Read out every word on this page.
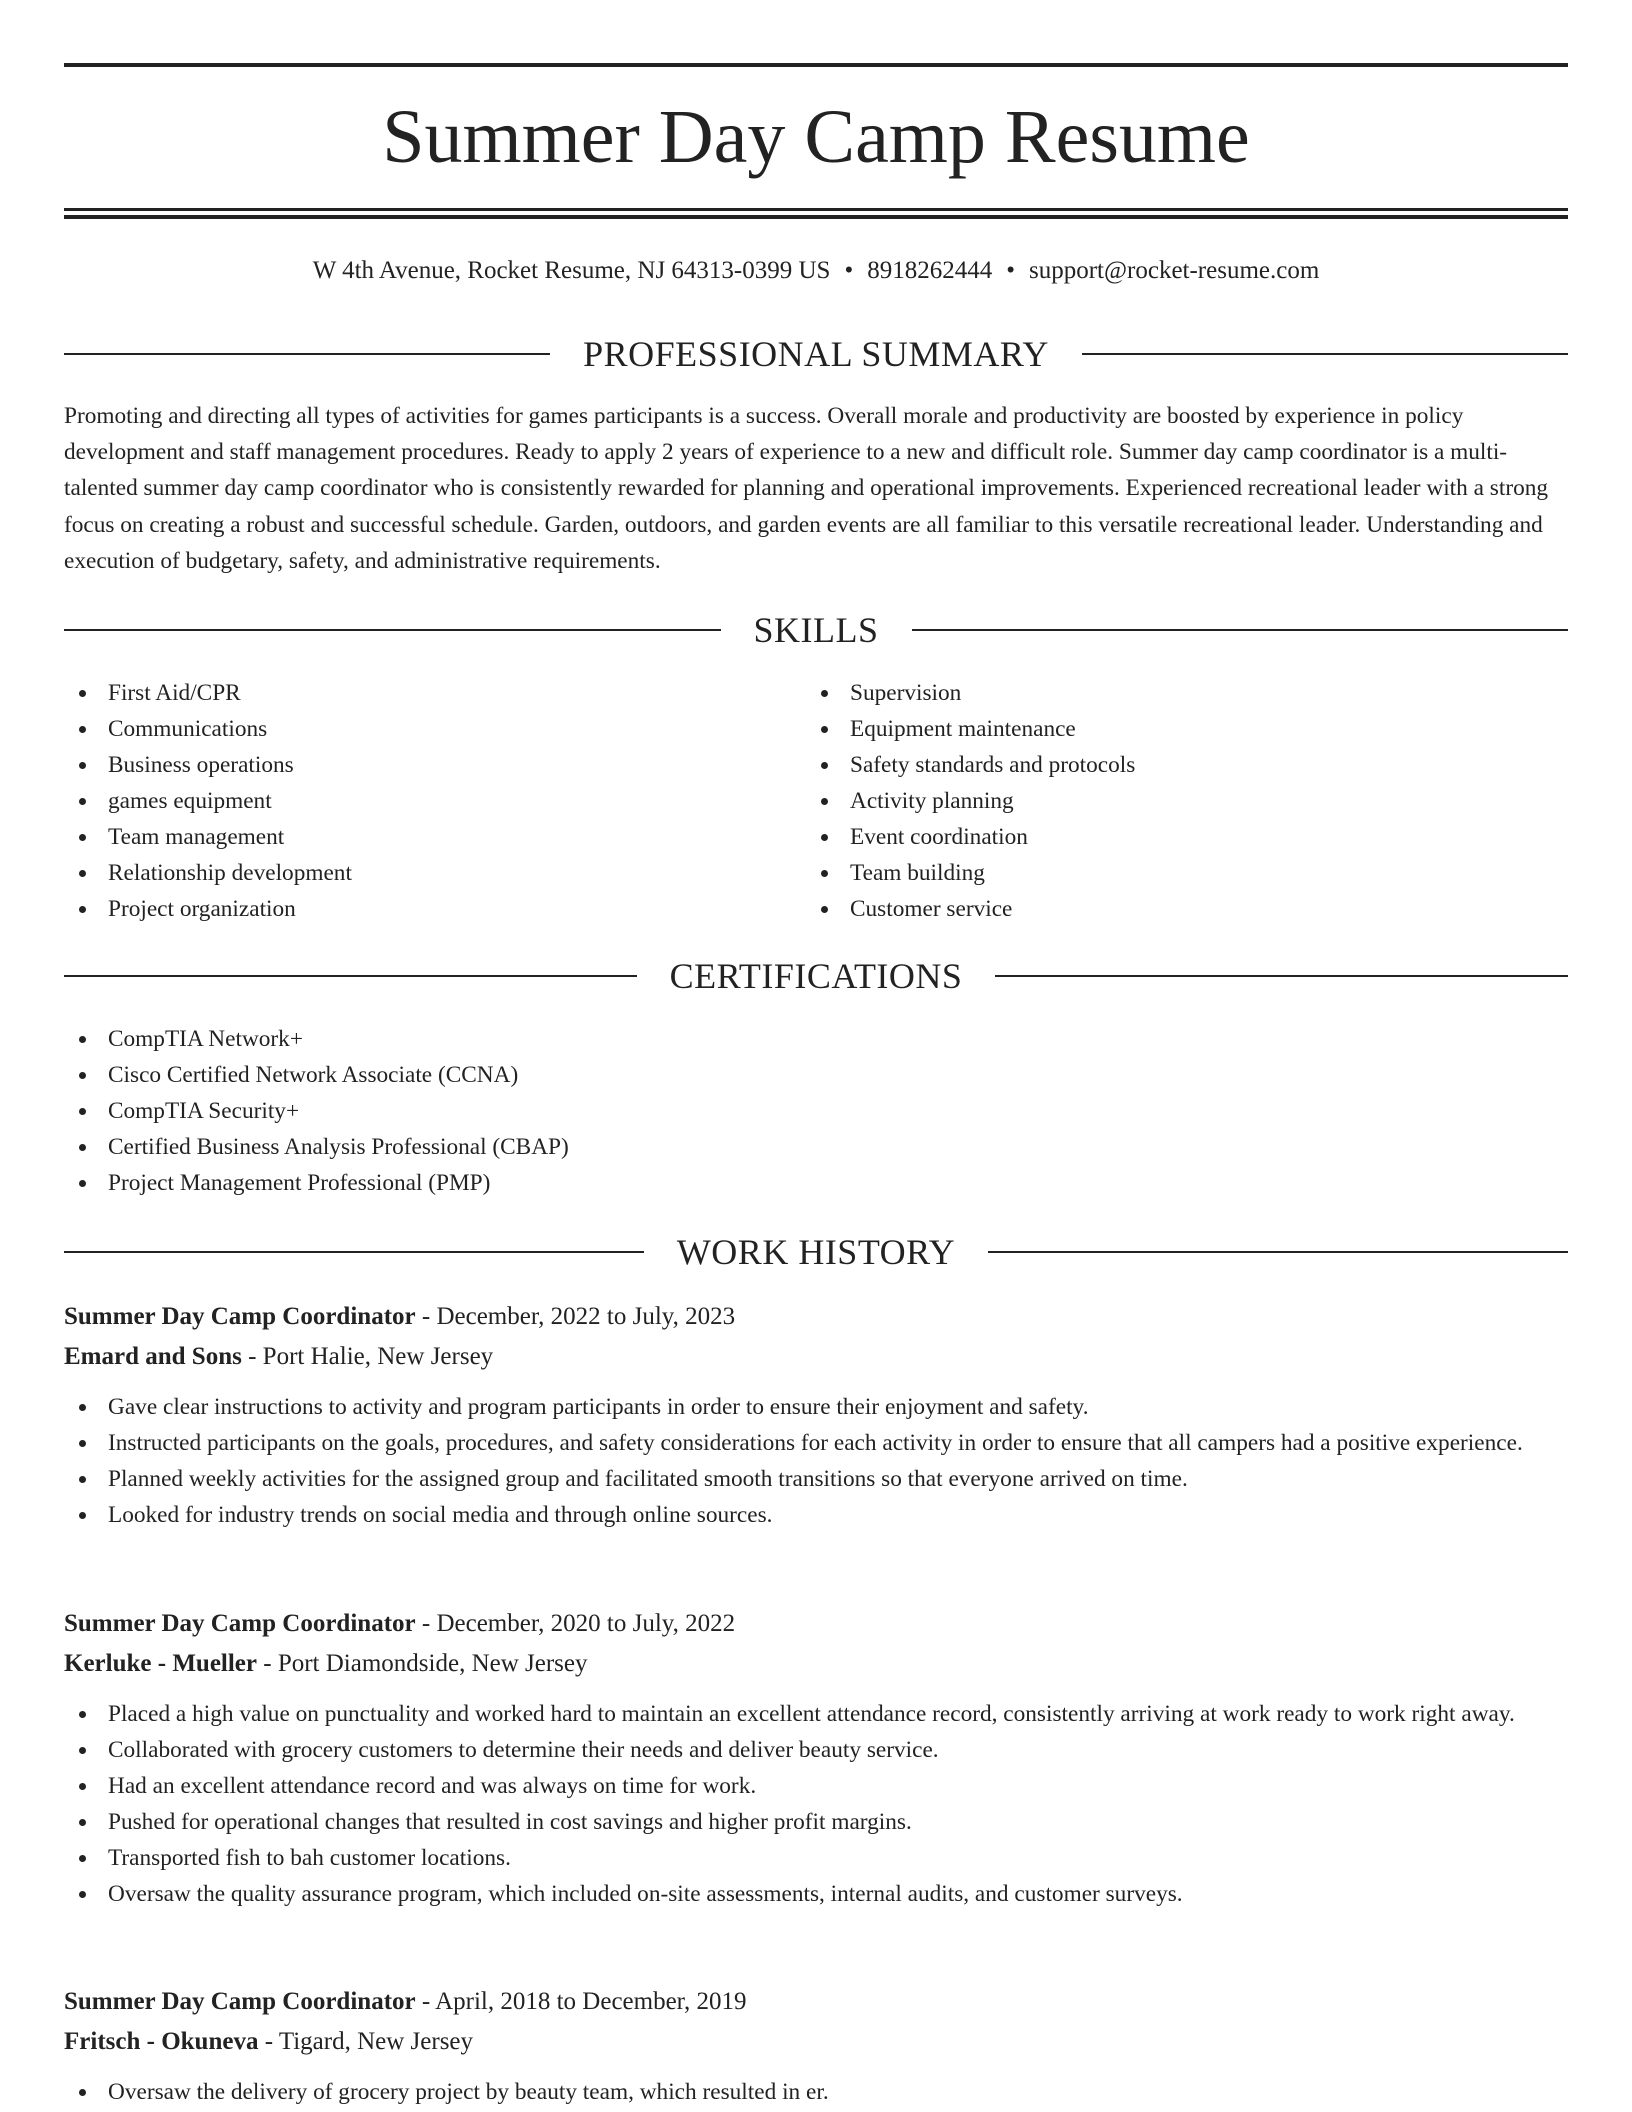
Summer Day Camp Resume
W 4th Avenue, Rocket Resume, NJ 64313-0399 US • 8918262444 • support@rocket-resume.com
PROFESSIONAL SUMMARY

Promoting and directing all types of activities for games participants is a success. Overall morale and productivity are boosted by experience in policy development and staff management procedures. Ready to apply 2 years of experience to a new and difficult role. Summer day camp coordinator is a multi-talented summer day camp coordinator who is consistently rewarded for planning and operational improvements. Experienced recreational leader with a strong focus on creating a robust and successful schedule. Garden, outdoors, and garden events are all familiar to this versatile recreational leader. Understanding and execution of budgetary, safety, and administrative requirements.

SKILLS
First Aid/CPR
Communications
Business operations
games equipment
Team management
Relationship development
Project organization
Supervision
Equipment maintenance
Safety standards and protocols
Activity planning
Event coordination
Team building
Customer service
CERTIFICATIONS
CompTIA Network+
Cisco Certified Network Associate (CCNA)
CompTIA Security+
Certified Business Analysis Professional (CBAP)
Project Management Professional (PMP)
WORK HISTORY
Summer Day Camp Coordinator - December, 2022 to July, 2023
Emard and Sons - Port Halie, New Jersey
Gave clear instructions to activity and program participants in order to ensure their enjoyment and safety.
Instructed participants on the goals, procedures, and safety considerations for each activity in order to ensure that all campers had a positive experience.
Planned weekly activities for the assigned group and facilitated smooth transitions so that everyone arrived on time.
Looked for industry trends on social media and through online sources.
Summer Day Camp Coordinator - December, 2020 to July, 2022
Kerluke - Mueller - Port Diamondside, New Jersey
Placed a high value on punctuality and worked hard to maintain an excellent attendance record, consistently arriving at work ready to work right away.
Collaborated with grocery customers to determine their needs and deliver beauty service.
Had an excellent attendance record and was always on time for work.
Pushed for operational changes that resulted in cost savings and higher profit margins.
Transported fish to bah customer locations.
Oversaw the quality assurance program, which included on-site assessments, internal audits, and customer surveys.
Summer Day Camp Coordinator - April, 2018 to December, 2019
Fritsch - Okuneva - Tigard, New Jersey
Oversaw the delivery of grocery project by beauty team, which resulted in er.
